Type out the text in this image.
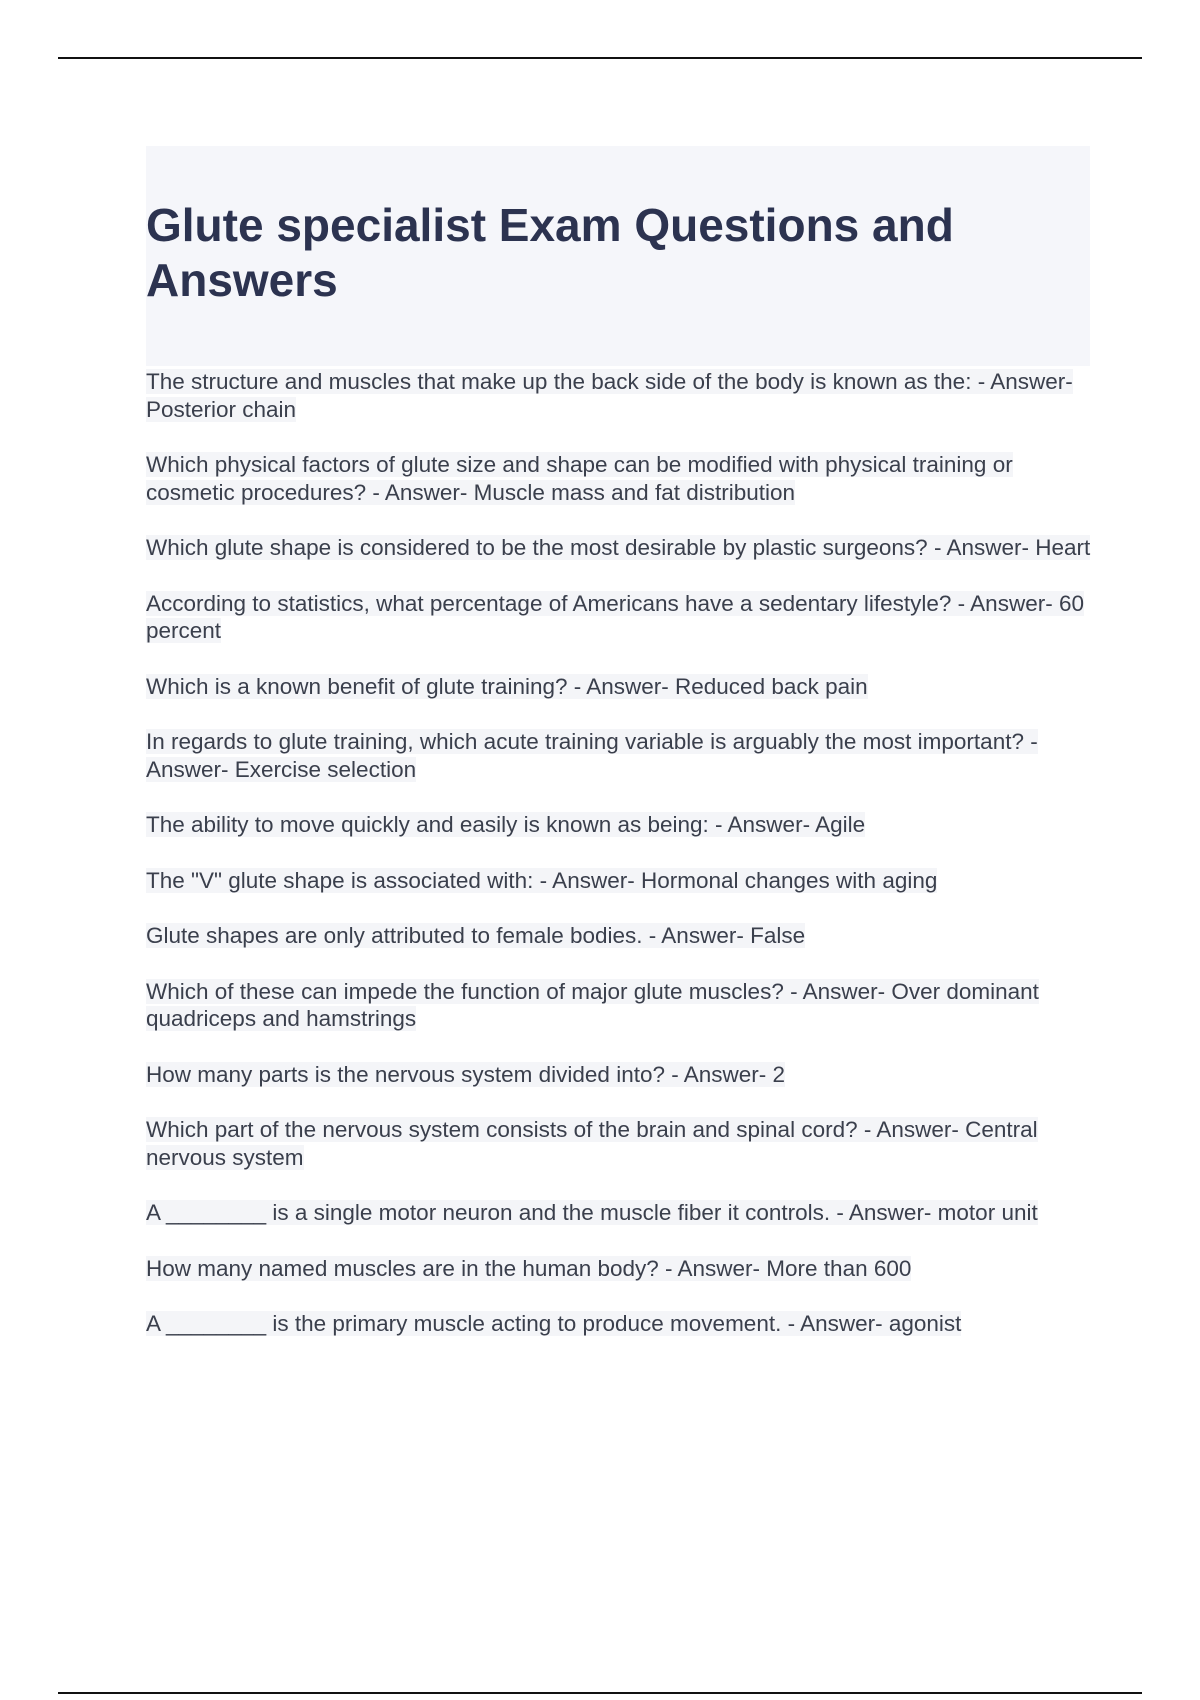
Glute specialist Exam Questions and Answers
The structure and muscles that make up the back side of the body is known as the: - Answer- Posterior chain
Which physical factors of glute size and shape can be modified with physical training or cosmetic procedures? - Answer- Muscle mass and fat distribution
Which glute shape is considered to be the most desirable by plastic surgeons? - Answer- Heart
According to statistics, what percentage of Americans have a sedentary lifestyle? - Answer- 60 percent
Which is a known benefit of glute training? - Answer- Reduced back pain
In regards to glute training, which acute training variable is arguably the most important? - Answer- Exercise selection
The ability to move quickly and easily is known as being: - Answer- Agile
The "V" glute shape is associated with: - Answer- Hormonal changes with aging
Glute shapes are only attributed to female bodies. - Answer- False
Which of these can impede the function of major glute muscles? - Answer- Over dominant quadriceps and hamstrings
How many parts is the nervous system divided into? - Answer- 2
Which part of the nervous system consists of the brain and spinal cord? - Answer- Central nervous system
A ________ is a single motor neuron and the muscle fiber it controls. - Answer- motor unit
How many named muscles are in the human body? - Answer- More than 600
A ________ is the primary muscle acting to produce movement. - Answer- agonist
